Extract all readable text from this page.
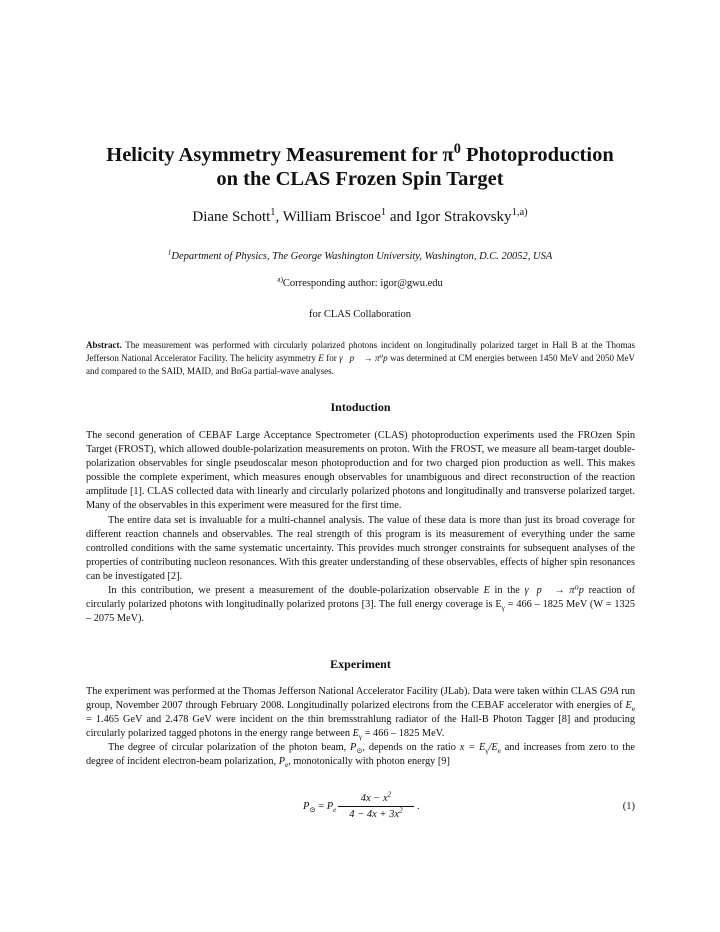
Helicity Asymmetry Measurement for $\pi^0$ Photoproduction
on the CLAS Frozen Spin Target
Diane Schott$^1$, William Briscoe$^1$ and Igor Strakovsky$^{1,a)}$
$^1$Department of Physics, The George Washington University, Washington, D.C. 20052, USA
$^{a)}$Corresponding author: igor@gwu.edu
for CLAS Collaboration
Abstract. The measurement was performed with circularly polarized photons incident on longitudinally polarized target in Hall B at the Thomas Jefferson National Accelerator Facility. The helicity asymmetry E for γ⃗p⃗ → π⁰p was determined at CM energies between 1450 MeV and 2050 MeV and compared to the SAID, MAID, and BnGa partial-wave analyses.
Intoduction

The second generation of CEBAF Large Acceptance Spectrometer (CLAS) photoproduction experiments used the FROzen Spin Target (FROST), which allowed double-polarization measurements on proton. With the FROST, we measure all beam-target double-polarization observables for single pseudoscalar meson photoproduction and for two charged pion production as well. This makes possible the complete experiment, which measures enough observables for unambiguous and direct reconstruction of the reaction amplitude [1]. CLAS collected data with linearly and circularly polarized photons and longitudinally and transverse polarized target. Many of the observables in this experiment were measured for the first time.

The entire data set is invaluable for a multi-channel analysis. The value of these data is more than just its broad coverage for different reaction channels and observables. The real strength of this program is its measurement of everything under the same controlled conditions with the same systematic uncertainty. This provides much stronger constraints for subsequent analyses of the properties of contributing nucleon resonances. With this greater understanding of these observables, effects of higher spin resonances can be investigated [2].

In this contribution, we present a measurement of the double-polarization observable E in the γ⃗p⃗ → π⁰p reaction of circularly polarized photons with longitudinally polarized protons [3]. The full energy coverage is $E_\gamma = 466 - 1825$ MeV (W = 1325 – 2075 MeV).

Experiment

The experiment was performed at the Thomas Jefferson National Accelerator Facility (JLab). Data were taken within CLAS G9A run group, November 2007 through February 2008. Longitudinally polarized electrons from the CEBAF accelerator with energies of $E_e = 1.465$ GeV and 2.478 GeV were incident on the thin bremsstrahlung radiator of the Hall-B Photon Tagger [8] and producing circularly polarized tagged photons in the energy range between $E_\gamma = 466 - 1825$ MeV.

The degree of circular polarization of the photon beam, $P_⊙$, depends on the ratio $x = E_\gamma/E_e$ and increases from zero to the degree of incident electron-beam polarization, $P_e$, monotonically with photon energy [9]

$P_⊙ = P_e$
$4x - x^2$
$4 - 4x + 3x^2$	.	(1)
